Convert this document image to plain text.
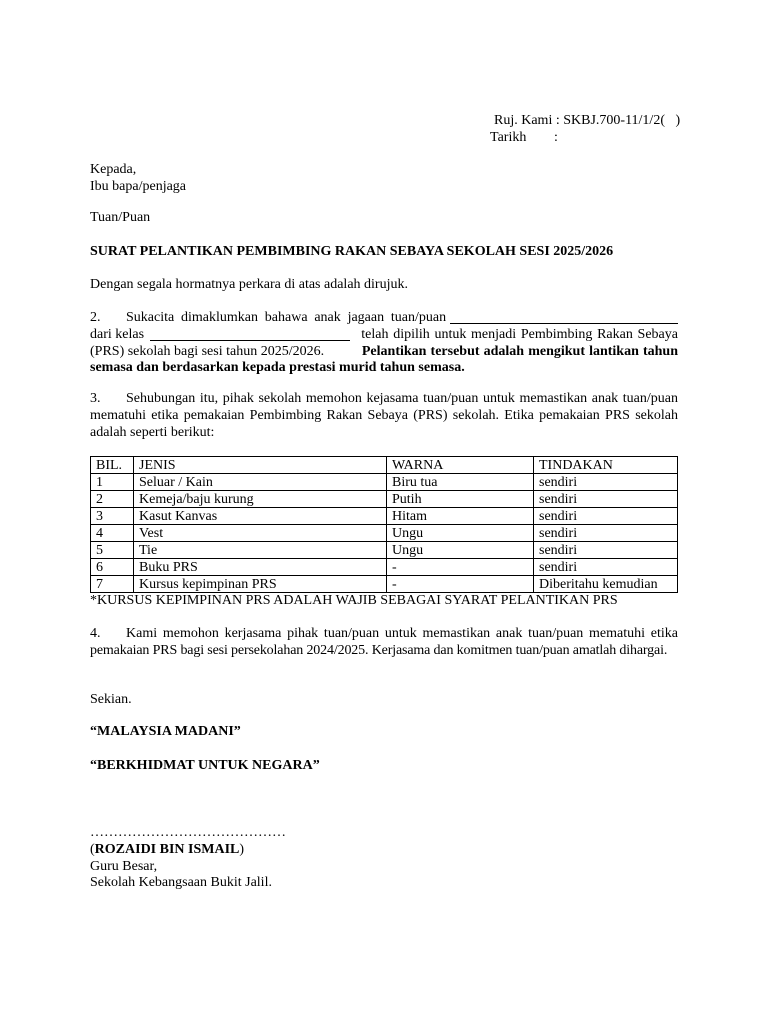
Ruj. Kami : SKBJ.700-11/1/2(   )
Tarikh :
Kepada,
Ibu bapa/penjaga
Tuan/Puan
SURAT PELANTIKAN PEMBIMBING RAKAN SEBAYA SEKOLAH SESI 2025/2026
Dengan segala hormatnya perkara di atas adalah dirujuk.
2.	Sukacita dimaklumkan bahawa anak jagaan tuan/puan
dari kelas	telah dipilih untuk menjadi Pembimbing Rakan Sebaya
(PRS) sekolah bagi sesi tahun 2025/2026.	Pelantikan tersebut adalah mengikut lantikan tahun
semasa dan berdasarkan kepada prestasi murid tahun semasa.
3.	Sehubungan itu, pihak sekolah memohon kejasama tuan/puan untuk memastikan anak tuan/puan
mematuhi etika pemakaian Pembimbing Rakan Sebaya (PRS) sekolah. Etika pemakaian PRS sekolah
adalah seperti berikut:
BIL.	JENIS	WARNA	TINDAKAN
1	Seluar / Kain	Biru tua	sendiri
2	Kemeja/baju kurung	Putih	sendiri
3	Kasut Kanvas	Hitam	sendiri
4	Vest	Ungu	sendiri
5	Tie	Ungu	sendiri
6	Buku PRS	-	sendiri
7	Kursus kepimpinan PRS	-	Diberitahu kemudian
*KURSUS KEPIMPINAN PRS ADALAH WAJIB SEBAGAI SYARAT PELANTIKAN PRS
4.	Kami memohon kerjasama pihak tuan/puan untuk memastikan anak tuan/puan mematuhi etika
pemakaian PRS bagi sesi persekolahan 2024/2025. Kerjasama dan komitmen tuan/puan amatlah dihargai.
Sekian.
“MALAYSIA MADANI”
“BERKHIDMAT UNTUK NEGARA”
……………………………………
(ROZAIDI BIN ISMAIL)
Guru Besar,
Sekolah Kebangsaan Bukit Jalil.
